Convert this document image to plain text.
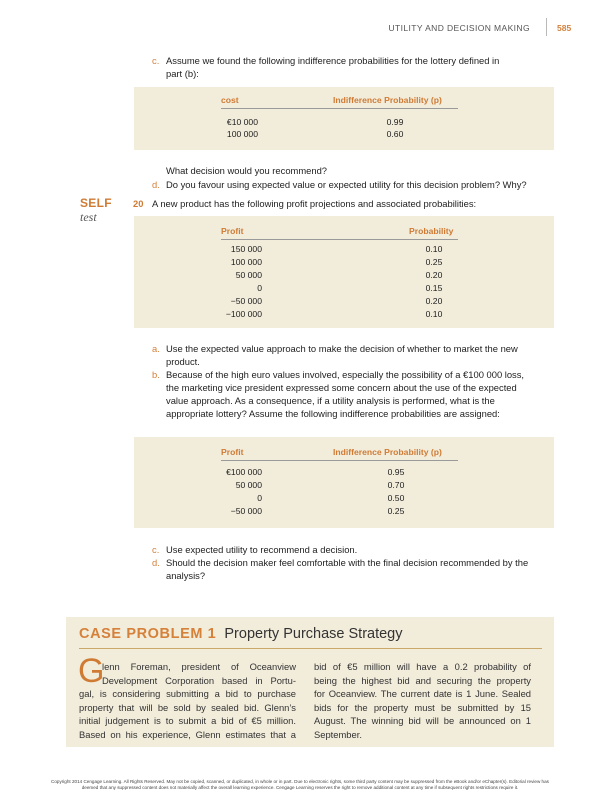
UTILITY AND DECISION MAKING	585
c. Assume we found the following indifference probabilities for the lottery defined in
part (b):
cost	Indifference Probability (p)
€10 000	0.99
100 000	0.60
What decision would you recommend?
d. Do you favour using expected value or expected utility for this decision problem? Why?
SELF
test
20 A new product has the following profit projections and associated probabilities:
Profit	Probability
150 000	0.10
100 000	0.25
50 000	0.20
0	0.15
−50 000	0.20
−100 000	0.10
a. Use the expected value approach to make the decision of whether to market the new
product.
b. Because of the high euro values involved, especially the possibility of a €100 000 loss,
the marketing vice president expressed some concern about the use of the expected
value approach. As a consequence, if a utility analysis is performed, what is the
appropriate lottery? Assume the following indifference probabilities are assigned:
Profit	Indifference Probability (p)
€100 000	0.95
50 000	0.70
0	0.50
−50 000	0.25
c. Use expected utility to recommend a decision.
d. Should the decision maker feel comfortable with the final decision recommended by the
analysis?
CASE PROBLEM 1 Property Purchase Strategy
G
lenn Foreman, president of Oceanview
Development Corporation based in Portu-
gal, is considering submitting a bid to purchase
property that will be sold by sealed bid. Glenn’s
initial judgement is to submit a bid of €5 million.
Based on his experience, Glenn estimates that a
bid of €5 million will have a 0.2 probability of
being the highest bid and securing the property
for Oceanview. The current date is 1 June. Sealed
bids for the property must be submitted by 15
August. The winning bid will be announced on 1
September.
Copyright 2014 Cengage Learning. All Rights Reserved. May not be copied, scanned, or duplicated, in whole or in part. Due to electronic rights, some third party content may be suppressed from the eBook and/or eChapter(s). Editorial review has
deemed that any suppressed content does not materially affect the overall learning experience. Cengage Learning reserves the right to remove additional content at any time if subsequent rights restrictions require it.
